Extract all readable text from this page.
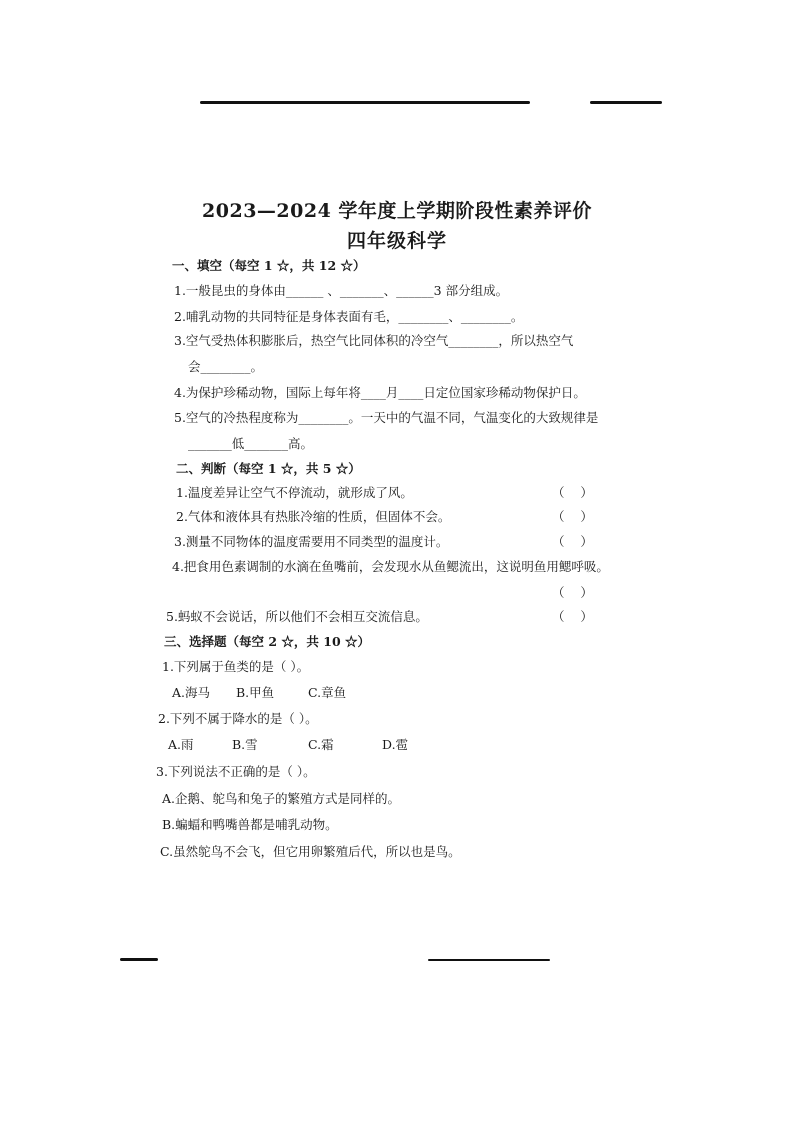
2023—2024 学年度上学期阶段性素养评价
四年级科学
一、填空（每空 1 ☆，共 12 ☆）
1.一般昆虫的身体由______ 、_______、______3 部分组成。
2.哺乳动物的共同特征是身体表面有毛，________、________。
3.空气受热体积膨胀后，热空气比同体积的冷空气________，所以热空气
会________。
4.为保护珍稀动物，国际上每年将____月____日定位国家珍稀动物保护日。
5.空气的冷热程度称为________。一天中的气温不同，气温变化的大致规律是
_______低_______高。
二、判断（每空 1 ☆，共 5 ☆）
1.温度差异让空气不停流动，就形成了风。	（    ）
2.气体和液体具有热胀冷缩的性质，但固体不会。	（    ）
3.测量不同物体的温度需要用不同类型的温度计。	（    ）
4.把食用色素调制的水滴在鱼嘴前，会发现水从鱼鳃流出，这说明鱼用鳃呼吸。
（    ）
5.蚂蚁不会说话，所以他们不会相互交流信息。	（    ）
三、选择题（每空 2 ☆，共 10 ☆）
1.下列属于鱼类的是（ ）。
A.海马 B.甲鱼	C.章鱼
2.下列不属于降水的是（ ）。
A.雨	B.雪	C.霜	D.雹
3.下列说法不正确的是（ ）。
A.企鹅、鸵鸟和兔子的繁殖方式是同样的。
B.蝙蝠和鸭嘴兽都是哺乳动物。
C.虽然鸵鸟不会飞，但它用卵繁殖后代，所以也是鸟。
